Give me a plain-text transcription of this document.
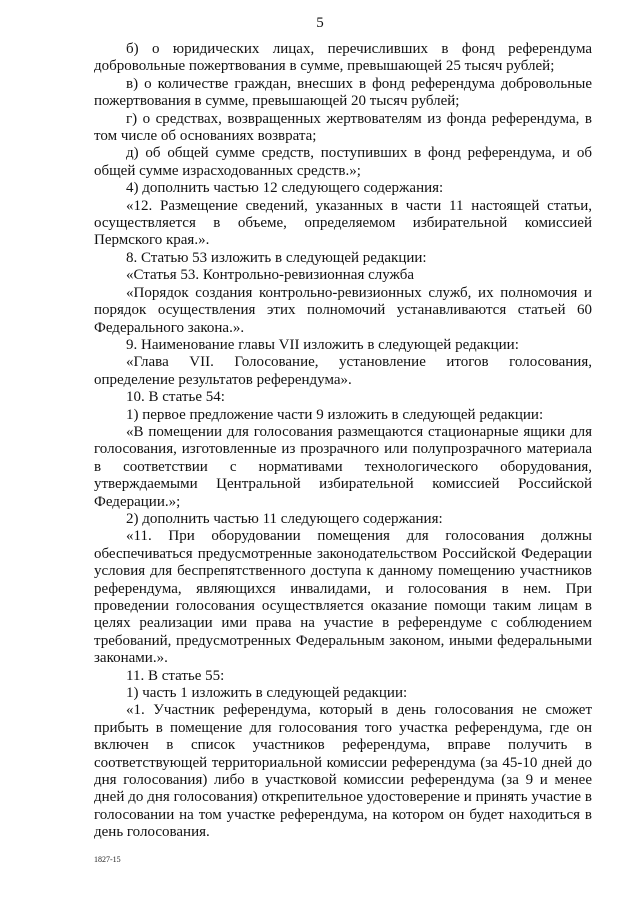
5

б) о юридических лицах, перечисливших в фонд референдума добровольные пожертвования в сумме, превышающей 25 тысяч рублей;

в) о количестве граждан, внесших в фонд референдума добровольные пожертвования в сумме, превышающей 20 тысяч рублей;

г) о средствах, возвращенных жертвователям из фонда референдума, в том числе об основаниях возврата;

д) об общей сумме средств, поступивших в фонд референдума, и об общей сумме израсходованных средств.»;

4) дополнить частью 12 следующего содержания:

«12. Размещение сведений, указанных в части 11 настоящей статьи, осуществляется в объеме, определяемом избирательной комиссией Пермского края.».

8. Статью 53 изложить в следующей редакции:

«Статья 53. Контрольно-ревизионная служба

«Порядок создания контрольно-ревизионных служб, их полномочия и порядок осуществления этих полномочий устанавливаются статьей 60 Федерального закона.».

9. Наименование главы VII изложить в следующей редакции:

«Глава VII. Голосование, установление итогов голосования, определение результатов референдума».

10. В статье 54:

1) первое предложение части 9 изложить в следующей редакции:

«В помещении для голосования размещаются стационарные ящики для голосования, изготовленные из прозрачного или полупрозрачного материала в соответствии с нормативами технологического оборудования, утверждаемыми Центральной избирательной комиссией Российской Федерации.»;

2) дополнить частью 11 следующего содержания:

«11. При оборудовании помещения для голосования должны обеспечиваться предусмотренные законодательством Российской Федерации условия для беспрепятственного доступа к данному помещению участников референдума, являющихся инвалидами, и голосования в нем. При проведении голосования осуществляется оказание помощи таким лицам в целях реализации ими права на участие в референдуме с соблюдением требований, предусмотренных Федеральным законом, иными федеральными законами.».

11. В статье 55:

1) часть 1 изложить в следующей редакции:

«1. Участник референдума, который в день голосования не сможет прибыть в помещение для голосования того участка референдума, где он включен в список участников референдума, вправе получить в соответствующей территориальной комиссии референдума (за 45-10 дней до дня голосования) либо в участковой комиссии референдума (за 9 и менее дней до дня голосования) открепительное удостоверение и принять участие в голосовании на том участке референдума, на котором он будет находиться в день голосования.

1827-15
